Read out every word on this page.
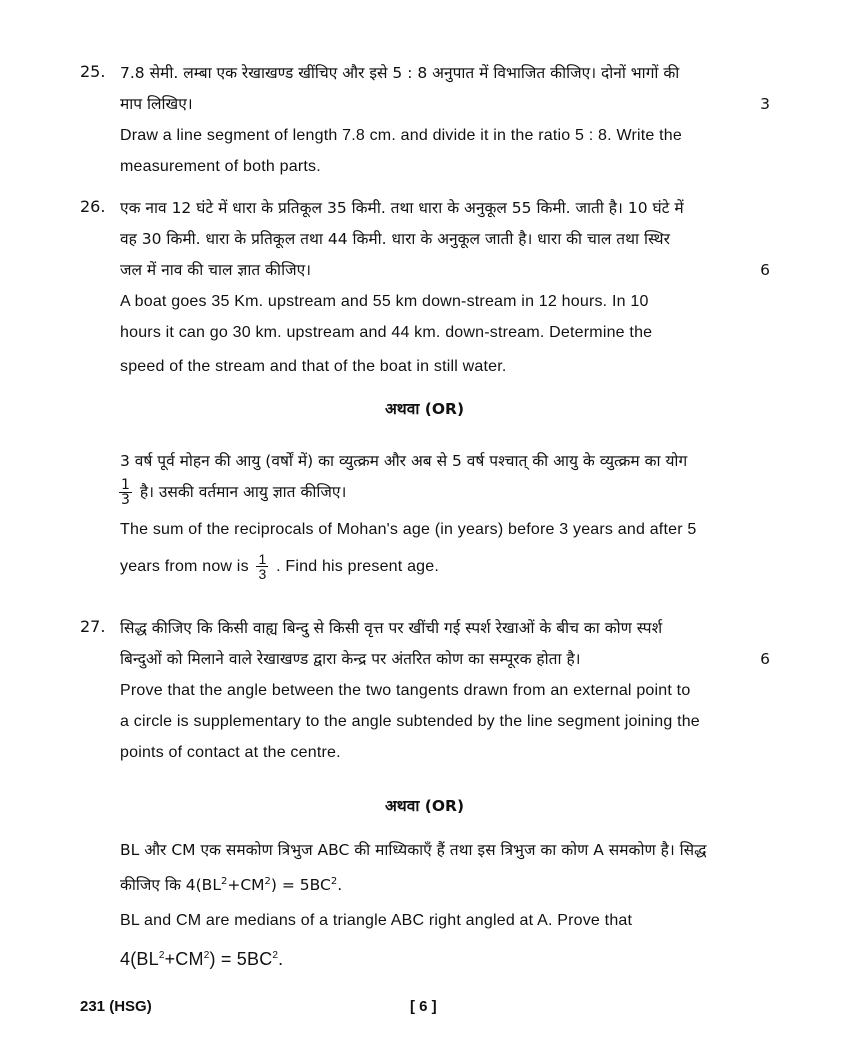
25. 7.8 सेमी. लम्बा एक रेखाखण्ड खींचिए और इसे 5 : 8 अनुपात में विभाजित कीजिए। दोनों भागों की
माप लिखिए।	3
Draw a line segment of length 7.8 cm. and divide it in the ratio 5 : 8. Write the
measurement of both parts.
26. एक नाव 12 घंटे में धारा के प्रतिकूल 35 किमी. तथा धारा के अनुकूल 55 किमी. जाती है। 10 घंटे में
वह 30 किमी. धारा के प्रतिकूल तथा 44 किमी. धारा के अनुकूल जाती है। धारा की चाल तथा स्थिर
जल में नाव की चाल ज्ञात कीजिए।	6
A boat goes 35 Km. upstream and 55 km down-stream in 12 hours. In 10
hours it can go 30 km. upstream and 44 km. down-stream. Determine the
speed of the stream and that of the boat in still water.
अथवा (OR)
3 वर्ष पूर्व मोहन की आयु (वर्षों में) का व्युत्क्रम और अब से 5 वर्ष पश्चात् की आयु के व्युत्क्रम का योग
$\frac{1}{3}$ है। उसकी वर्तमान आयु ज्ञात कीजिए।
The sum of the reciprocals of Mohan's age (in years) before 3 years and after 5
years from now is $\frac{1}{3}$ . Find his present age.
27. सिद्ध कीजिए कि किसी वाह्य बिन्दु से किसी वृत्त पर खींची गई स्पर्श रेखाओं के बीच का कोण स्पर्श
बिन्दुओं को मिलाने वाले रेखाखण्ड द्वारा केन्द्र पर अंतरित कोण का सम्पूरक होता है।	6
Prove that the angle between the two tangents drawn from an external point to
a circle is supplementary to the angle subtended by the line segment joining the
points of contact at the centre.
अथवा (OR)
BL और CM एक समकोण त्रिभुज ABC की माध्यिकाएँ हैं तथा इस त्रिभुज का कोण A समकोण है। सिद्ध
कीजिए कि $4(BL^2+CM^2) = 5BC^2$.
BL and CM are medians of a triangle ABC right angled at A. Prove that
$4(BL^2+CM^2) = 5BC^2$.
231 (HSG)	[ 6 ]
